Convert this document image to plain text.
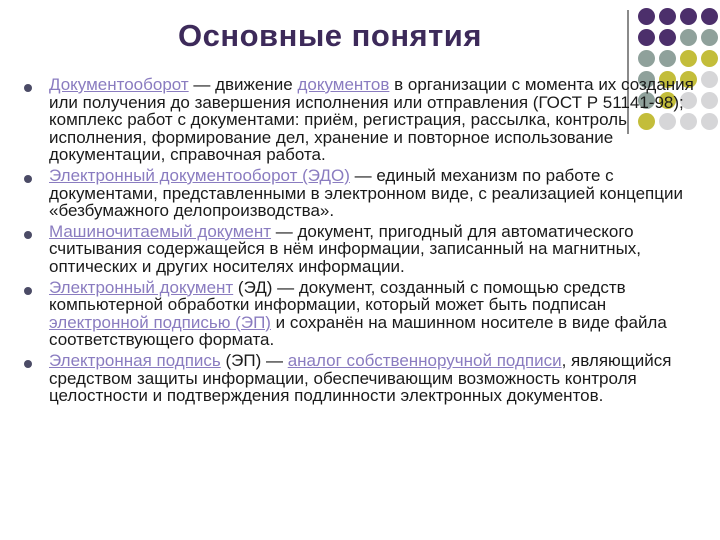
Основные понятия
Документооборот — движение документов в организации с момента их создания или получения до завершения исполнения или отправления (ГОСТ Р 51141-98); комплекс работ с документами: приём, регистрация, рассылка, контроль исполнения, формирование дел, хранение и повторное использование документации, справочная работа.
Электронный документооборот (ЭДО) — единый механизм по работе с документами, представленными в электронном виде, с реализацией концепции «безбумажного делопроизводства».
Машиночитаемый документ — документ, пригодный для автоматического считывания содержащейся в нём информации, записанный на магнитных, оптических и других носителях информации.
Электронный документ (ЭД) — документ, созданный с помощью средств компьютерной обработки информации, который может быть подписан электронной подписью (ЭП) и сохранён на машинном носителе в виде файла соответствующего формата.
Электронная подпись (ЭП) — аналог собственноручной подписи, являющийся средством защиты информации, обеспечивающим возможность контроля целостности и подтверждения подлинности электронных документов.
